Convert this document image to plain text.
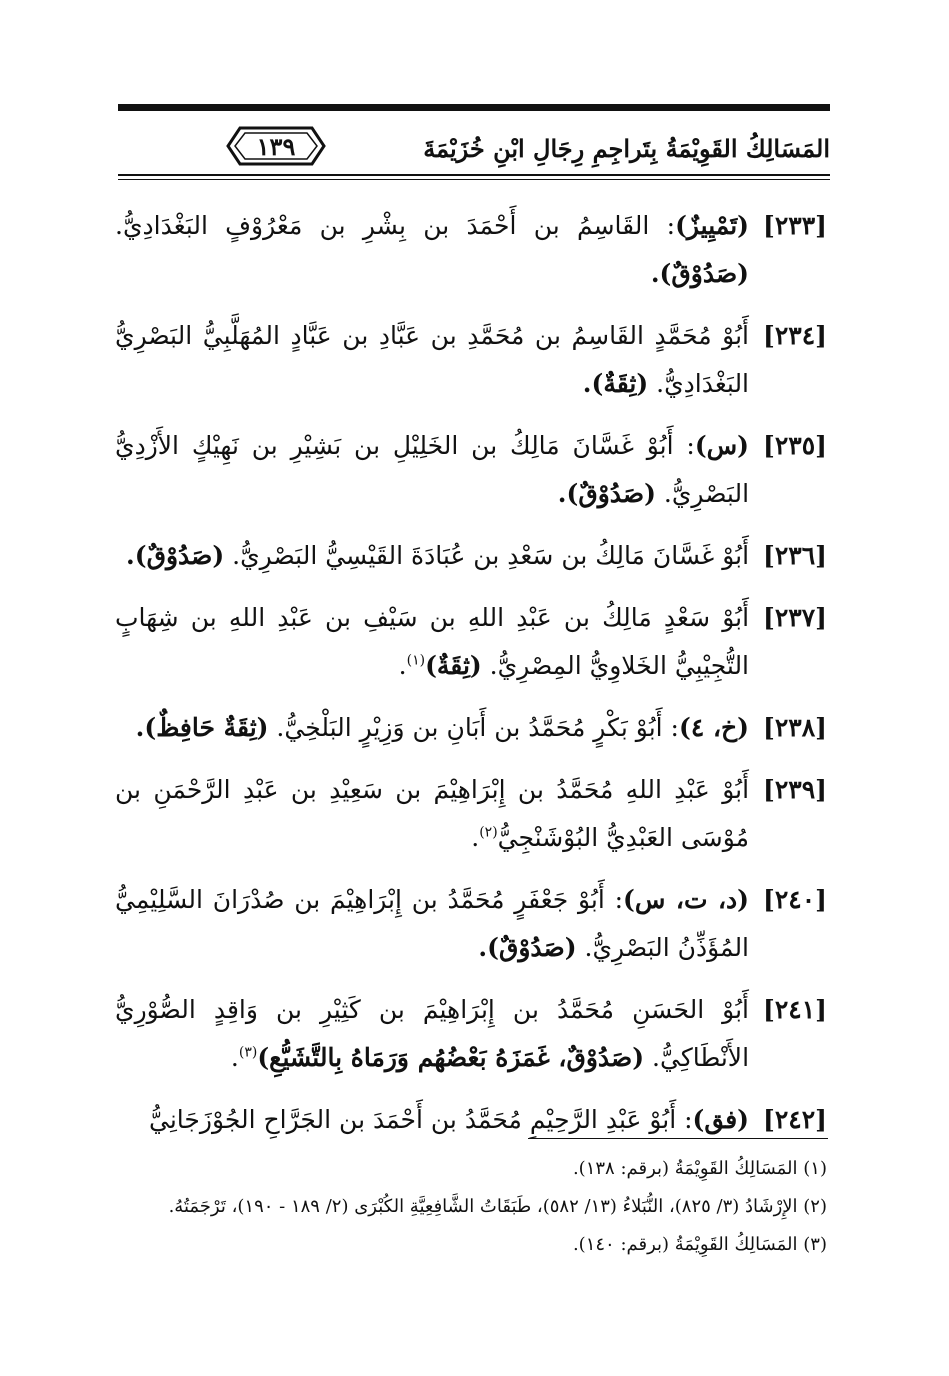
المَسَالِكُ القَوِيْمَةُ بِتَراجِمِ رِجَالِ ابْنِ خُزَيْمَةَ
١٣٩
[٢٣٣]
(تَمْيِيزٌ): القَاسِمُ بن أَحْمَدَ بن بِشْرِ بن مَعْرُوْفٍ البَغْدَادِيُّ. (صَدُوْقٌ).
[٢٣٤]
أَبُوْ مُحَمَّدٍ القَاسِمُ بن مُحَمَّدِ بن عَبَّادِ بن عَبَّادٍ المُهَلَّبِيُّ البَصْرِيُّ البَغْدَادِيُّ. (ثِقَةٌ).
[٢٣٥]
(س): أَبُوْ غَسَّانَ مَالِكُ بن الخَلِيْلِ بن بَشِيْرِ بن نَهِيْكٍ الأَزْدِيُّ البَصْرِيُّ. (صَدُوْقٌ).
[٢٣٦]
أَبُوْ غَسَّانَ مَالِكُ بن سَعْدِ بن عُبَادَةَ القَيْسِيُّ البَصْرِيُّ. (صَدُوْقٌ).
[٢٣٧]
أَبُوْ سَعْدٍ مَالِكُ بن عَبْدِ اللهِ بن سَيْفِ بن عَبْدِ اللهِ بن شِهَابٍ التُّجِيْبِيُّ الخَلاوِيُّ المِصْرِيُّ. (ثِقَةٌ)$^{(١)}$.
[٢٣٨]
(خ، ٤): أَبُوْ بَكْرٍ مُحَمَّدُ بن أَبَانِ بن وَزِيْرٍ البَلْخِيُّ. (ثِقَةٌ حَافِظٌ).
[٢٣٩]
أَبُوْ عَبْدِ اللهِ مُحَمَّدُ بن إِبْرَاهِيْمَ بن سَعِيْدِ بن عَبْدِ الرَّحْمَنِ بن مُوْسَى العَبْدِيُّ البُوْشَنْجِيُّ$^{(٢)}$.
[٢٤٠]
(د، ت، س): أَبُوْ جَعْفَرٍ مُحَمَّدُ بن إِبْرَاهِيْمَ بن صُدْرَانَ السَّلِيْمِيُّ المُؤَذِّنُ البَصْرِيُّ. (صَدُوْقٌ).
[٢٤١]
أَبُوْ الحَسَنِ مُحَمَّدُ بن إِبْرَاهِيْمَ بن كَثِيْرِ بن وَاقِدٍ الصُّوْرِيُّ الأَنْطَاكِيُّ. (صَدُوْقٌ، غَمَزَهُ بَعْضُهُم وَرَمَاهُ بِالتَّشَيُّعِ)$^{(٣)}$.
[٢٤٢]
(فق): أَبُوْ عَبْدِ الرَّحِيْمِ مُحَمَّدُ بن أَحْمَدَ بن الجَرَّاحِ الجُوْزَجَانِيُّ
(١) المَسَالِكُ القَوِيْمَةُ (برقم: ١٣٨).
(٢) الإِرْشَادُ (٣/ ٨٢٥)، النُّبَلاءُ (١٣/ ٥٨٢)، طَبَقَاتُ الشَّافِعِيَّةِ الكُبْرَى (٢/ ١٨٩ - ١٩٠)، تَرْجَمَتُهُ.
(٣) المَسَالِكُ القَوِيْمَةُ (برقم: ١٤٠).
